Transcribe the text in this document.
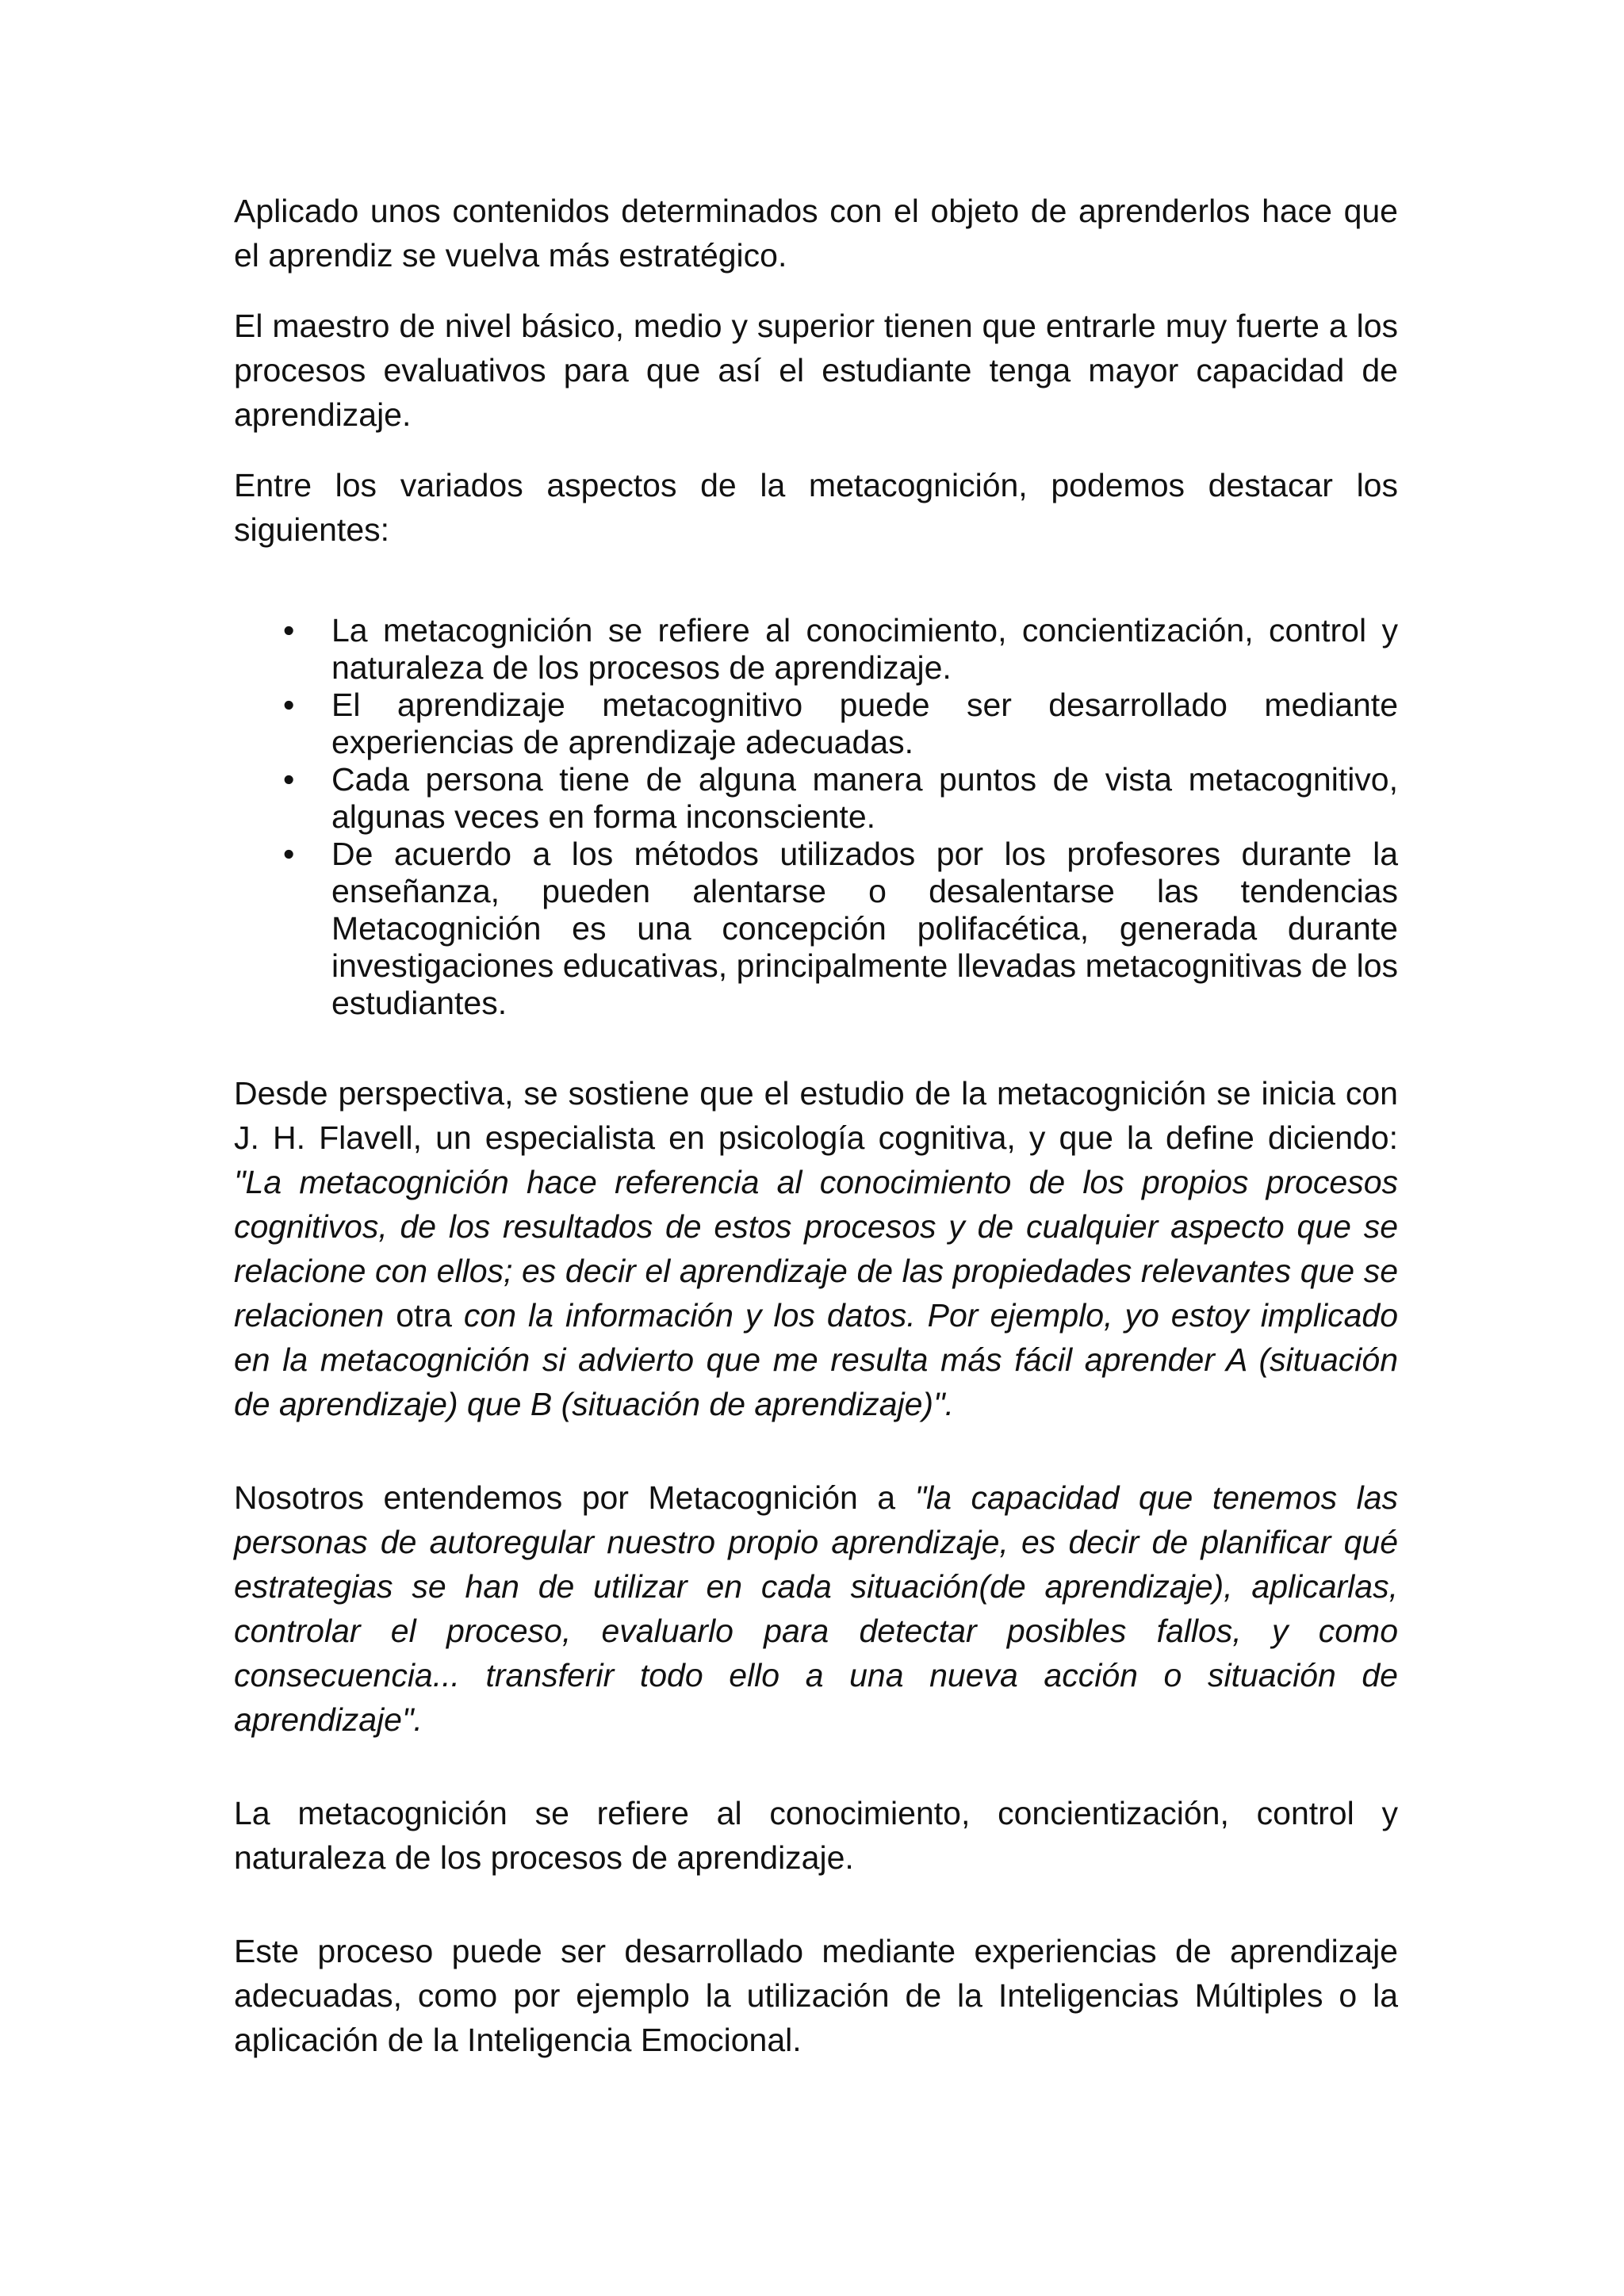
Aplicado unos contenidos determinados con el objeto de aprenderlos hace que el aprendiz se vuelva más estratégico.

El maestro de nivel básico, medio y superior tienen que entrarle muy fuerte a los procesos evaluativos para que así el estudiante tenga mayor capacidad de aprendizaje.

Entre los variados aspectos de la metacognición, podemos destacar los siguientes:

• La metacognición se refiere al conocimiento, concientización, control y naturaleza de los procesos de aprendizaje.
• El aprendizaje metacognitivo puede ser desarrollado mediante experiencias de aprendizaje adecuadas.
• Cada persona tiene de alguna manera puntos de vista metacognitivo, algunas veces en forma inconsciente.
• De acuerdo a los métodos utilizados por los profesores durante la enseñanza, pueden alentarse o desalentarse las tendencias Metacognición es una concepción polifacética, generada durante investigaciones educativas, principalmente llevadas metacognitivas de los estudiantes.

Desde perspectiva, se sostiene que el estudio de la metacognición se inicia con J. H. Flavell, un especialista en psicología cognitiva, y que la define diciendo: "La metacognición hace referencia al conocimiento de los propios procesos cognitivos, de los resultados de estos procesos y de cualquier aspecto que se relacione con ellos; es decir el aprendizaje de las propiedades relevantes que se relacionen otra con la información y los datos. Por ejemplo, yo estoy implicado en la metacognición si advierto que me resulta más fácil aprender A (situación de aprendizaje) que B (situación de aprendizaje)".

Nosotros entendemos por Metacognición a "la capacidad que tenemos las personas de autoregular nuestro propio aprendizaje, es decir de planificar qué estrategias se han de utilizar en cada situación(de aprendizaje), aplicarlas, controlar el proceso, evaluarlo para detectar posibles fallos, y como consecuencia... transferir todo ello a una nueva acción o situación de aprendizaje".

La metacognición se refiere al conocimiento, concientización, control y naturaleza de los procesos de aprendizaje.

Este proceso puede ser desarrollado mediante experiencias de aprendizaje adecuadas, como por ejemplo la utilización de la Inteligencias Múltiples o la aplicación de la Inteligencia Emocional.
